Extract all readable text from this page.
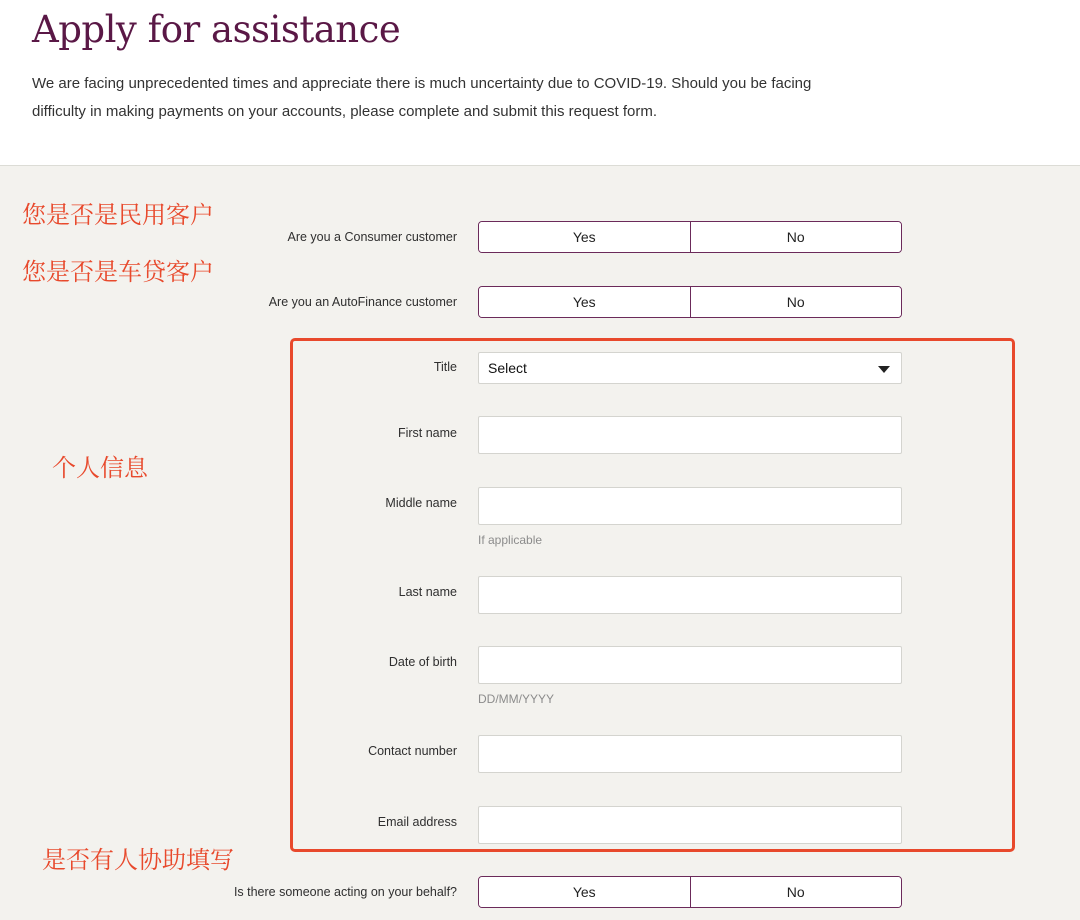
Apply for assistance

We are facing unprecedented times and appreciate there is much uncertainty due to COVID-19. Should you be facing difficulty in making payments on your accounts, please complete and submit this request form.

Are you a Consumer customer	Yes	No
Are you an AutoFinance customer	Yes	No
Title Select
First name
Middle name
If applicable
Last name
Date of birth
DD/MM/YYYY
Contact number
Email address
Is there someone acting on your behalf?	Yes	No
您是否是民用客户
您是否是车贷客户
个人信息
是否有人协助填写
